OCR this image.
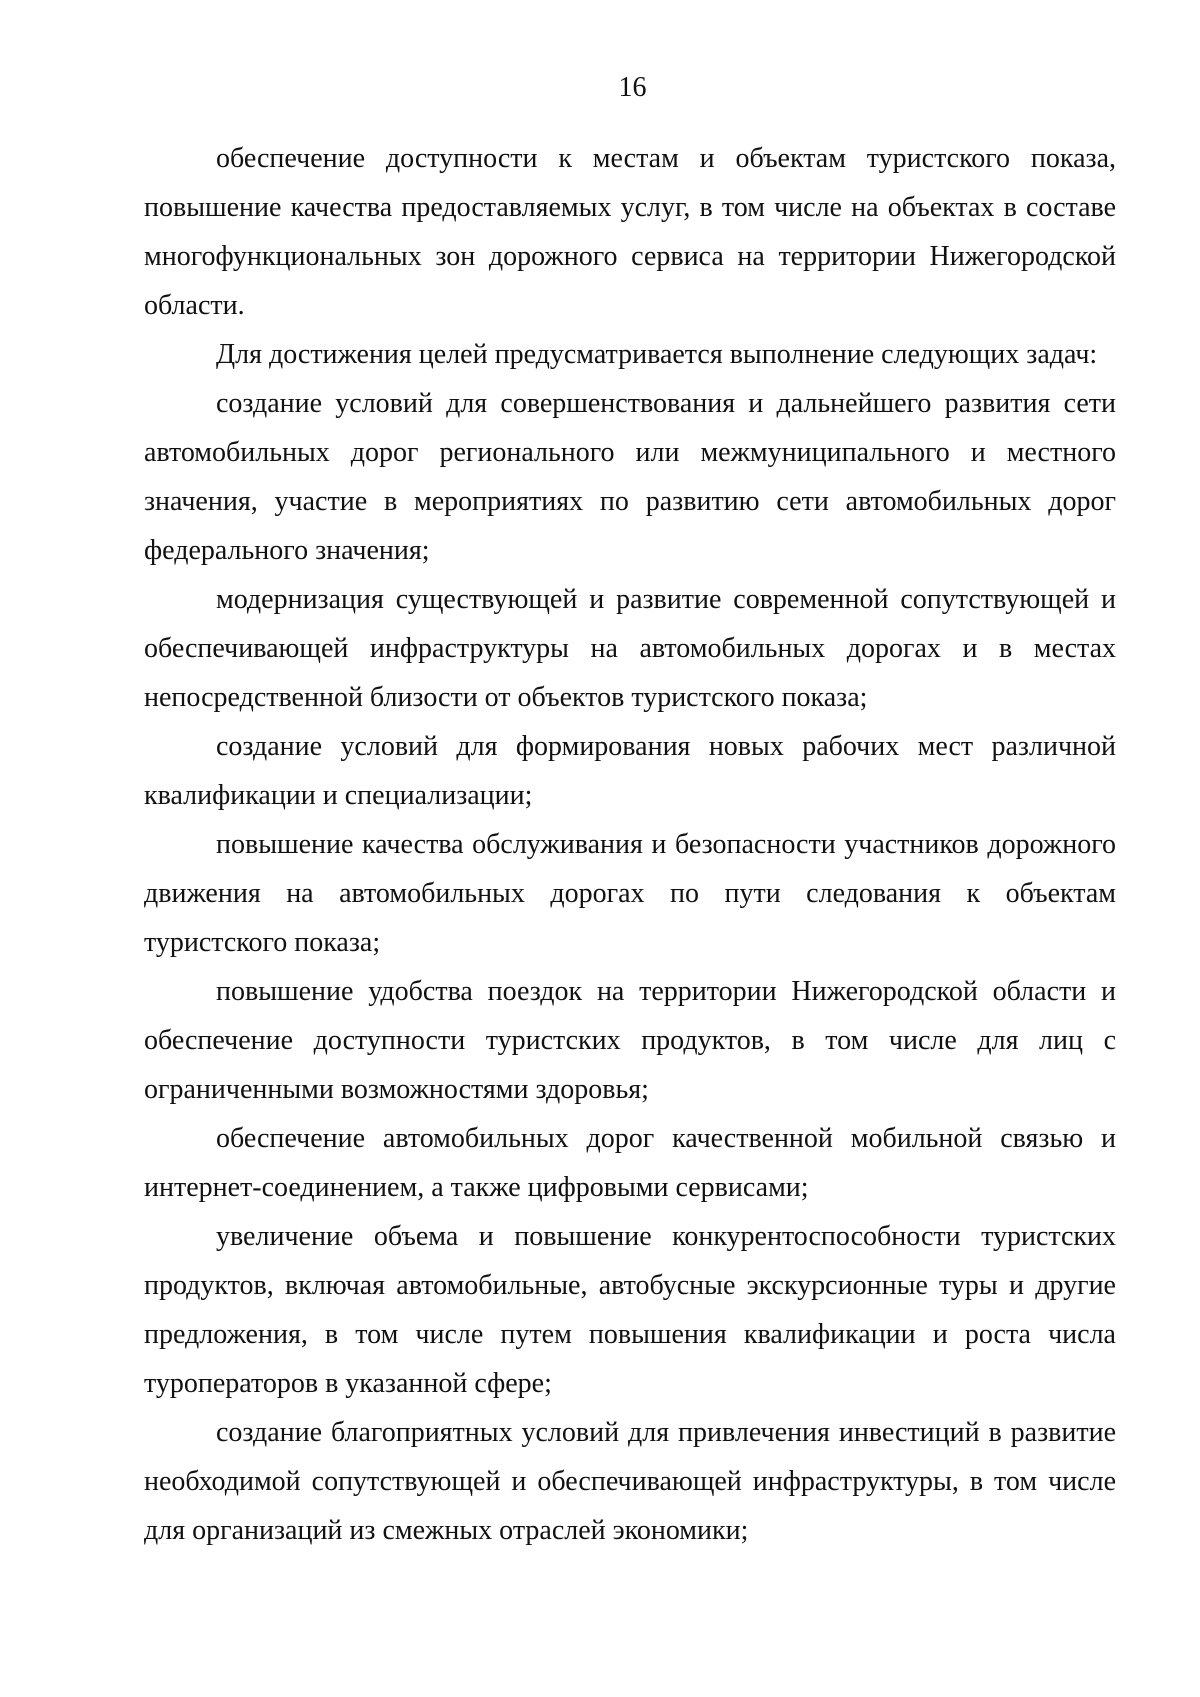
16

обеспечение доступности к местам и объектам туристского показа, повышение качества предоставляемых услуг, в том числе на объектах в составе многофункциональных зон дорожного сервиса на территории Нижегородской области.

Для достижения целей предусматривается выполнение следующих задач:

создание условий для совершенствования и дальнейшего развития сети автомобильных дорог регионального или межмуниципального и местного значения, участие в мероприятиях по развитию сети автомобильных дорог федерального значения;

модернизация существующей и развитие современной сопутствующей и обеспечивающей инфраструктуры на автомобильных дорогах и в местах непосредственной близости от объектов туристского показа;

создание условий для формирования новых рабочих мест различной квалификации и специализации;

повышение качества обслуживания и безопасности участников дорожного движения на автомобильных дорогах по пути следования к объектам туристского показа;

повышение удобства поездок на территории Нижегородской области и обеспечение доступности туристских продуктов, в том числе для лиц с ограниченными возможностями здоровья;

обеспечение автомобильных дорог качественной мобильной связью и интернет-соединением, а также цифровыми сервисами;

увеличение объема и повышение конкурентоспособности туристских продуктов, включая автомобильные, автобусные экскурсионные туры и другие предложения, в том числе путем повышения квалификации и роста числа туроператоров в указанной сфере;

создание благоприятных условий для привлечения инвестиций в развитие необходимой сопутствующей и обеспечивающей инфраструктуры, в том числе для организаций из смежных отраслей экономики;
